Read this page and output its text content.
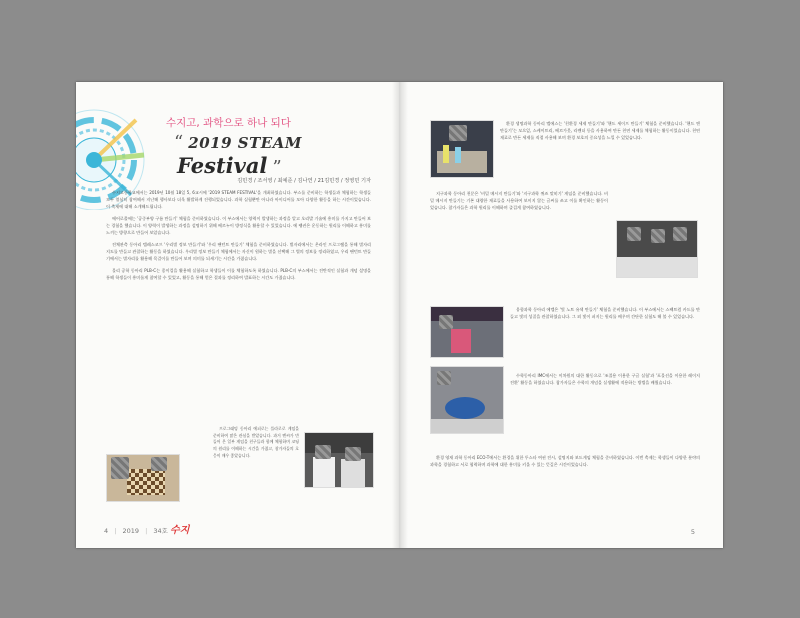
수지고, 과학으로 하나 되다
“ 2019 STEAM Festival ”
김민경 / 조서영 / 최예준 / 김나연 / 21김민경 / 정영민 기자

수지고등학교에서는 2019년 10월 18일 5, 6교시에 '2019 STEAM FESTIVAL'을 개최하였습니다. 부스를 준비하는 학생들과 체험하는 학생들 모두 열심히 참여해서 지난해 행사보다 더욱 활발하게 진행되었습니다. 과학 실험뿐만 아니라 아이디어를 모아 다양한 활동을 하는 시간이었습니다. 이 축제에 대해 소개해드립니다.

에어로졸에는 '공중부양 구름 만들기' 체험을 준비하였습니다. 이 부스에서는 양력이 발생하는 과정을 알고 오리발 기술에 흥미를 가지고 만들어 보는 경험을 했습니다. 이 양력이 발생하는 과정을 설명하기 위해 베르누이 방정식을 활용할 수 있었습니다. 에 펭귄은 운동하는 원리를 이해하고 흥미를 느끼는 방향으로 만들어 보았습니다.

전체관측 동아리 텔레스코프 '우리별 정보 만들기'와 '우리 팬던트 만들기' 체험을 준비하였습니다. 별자리에서는 온라인 프로그램을 통해 별자리 지도를 만들고 관찰하는 활동을 하였습니다. 우리별 정보 만들기 체험에서는 자신이 원하는 별을 선택해 그 별의 정보를 정리하였고, 우리 팬던트 만들기에서는 별자리를 활용해 목걸이를 만들어 보며 의미를 되새기는 시간을 가졌습니다.

물리 공학 동아리 PLB-C는 종이컵을 활용해 실험하고 학생들이 이를 체험하도록 하였습니다. PLB-C의 부스에서는 전반적인 실험과 개념 설명을 통해 학생들이 흥미롭게 참여할 수 있었고, 활동을 통해 얻은 결과를 정리하여 발표하는 시간도 가졌습니다.

프로그래밍 동아리 에피로는 플라로로 게임을 준비하여 많은 관심을 받았습니다. 과거 엔씨가 만들어 온 일부 게임을 친구들과 함께 체험하며 코딩의 원리를 이해하는 시간을 가졌고, 참가자들의 호응이 매우 좋았습니다.

4 | 2019 | 34호 수지

환경 생명과학 동아리 엘에스는 '친환경 세제 만들기'와 '핸드 세이프 만들기' 체험을 준비했습니다. '핸드 앤 만들기'는 모으잎, 스케이트리, 베르가못, 라벤더 등을 사용하여 만든 천연 세제를 체험하는 활동이었습니다. 천연 재료로 만든 세제를 직접 사용해 보며 환경 보호의 중요성을 느낄 수 있었습니다.

지구과학 동아리 천문은 '비밀 메시지 만들기'와 '지구과학 퀴즈 맞히기' 게임을 준비했습니다. 비밀 메시지 만들기는 기본 대량한 재료들을 사용하여 보이지 않는 글씨를 쓰고 이를 확인하는 활동이었습니다. 참가자들은 과학 원리를 이해하며 즐겁게 참여하였습니다.

융합과학 동아리 에엘은 '빛 노트 유색 만들기' 체험을 준비했습니다. 이 부스에서는 스펙트럼 카드를 만들고 빛의 성질을 관찰하였습니다. 그 외 빛이 퍼지는 원리를 배우며 간단한 실험도 해 볼 수 있었습니다.

수학동아리 IMC에서는 이차원의 대한 활동으로 '조절용 이용한 구글 실험'과 '포물선을 이용한 레이저 전환' 활동을 하였습니다. 참가자들은 수학의 개념을 실생활에 적용하는 방법을 배웠습니다.

환경 영재 과학 동아리 ECO-T에서는 환경을 위한 투스타 여권 전시, 설명지와 보드게임 체험을 준비하였습니다. 이번 축제는 학생들이 다양한 분야의 과학을 경험하고 서로 협력하며 과학에 대한 흥미를 키울 수 있는 뜻깊은 시간이었습니다.

5
